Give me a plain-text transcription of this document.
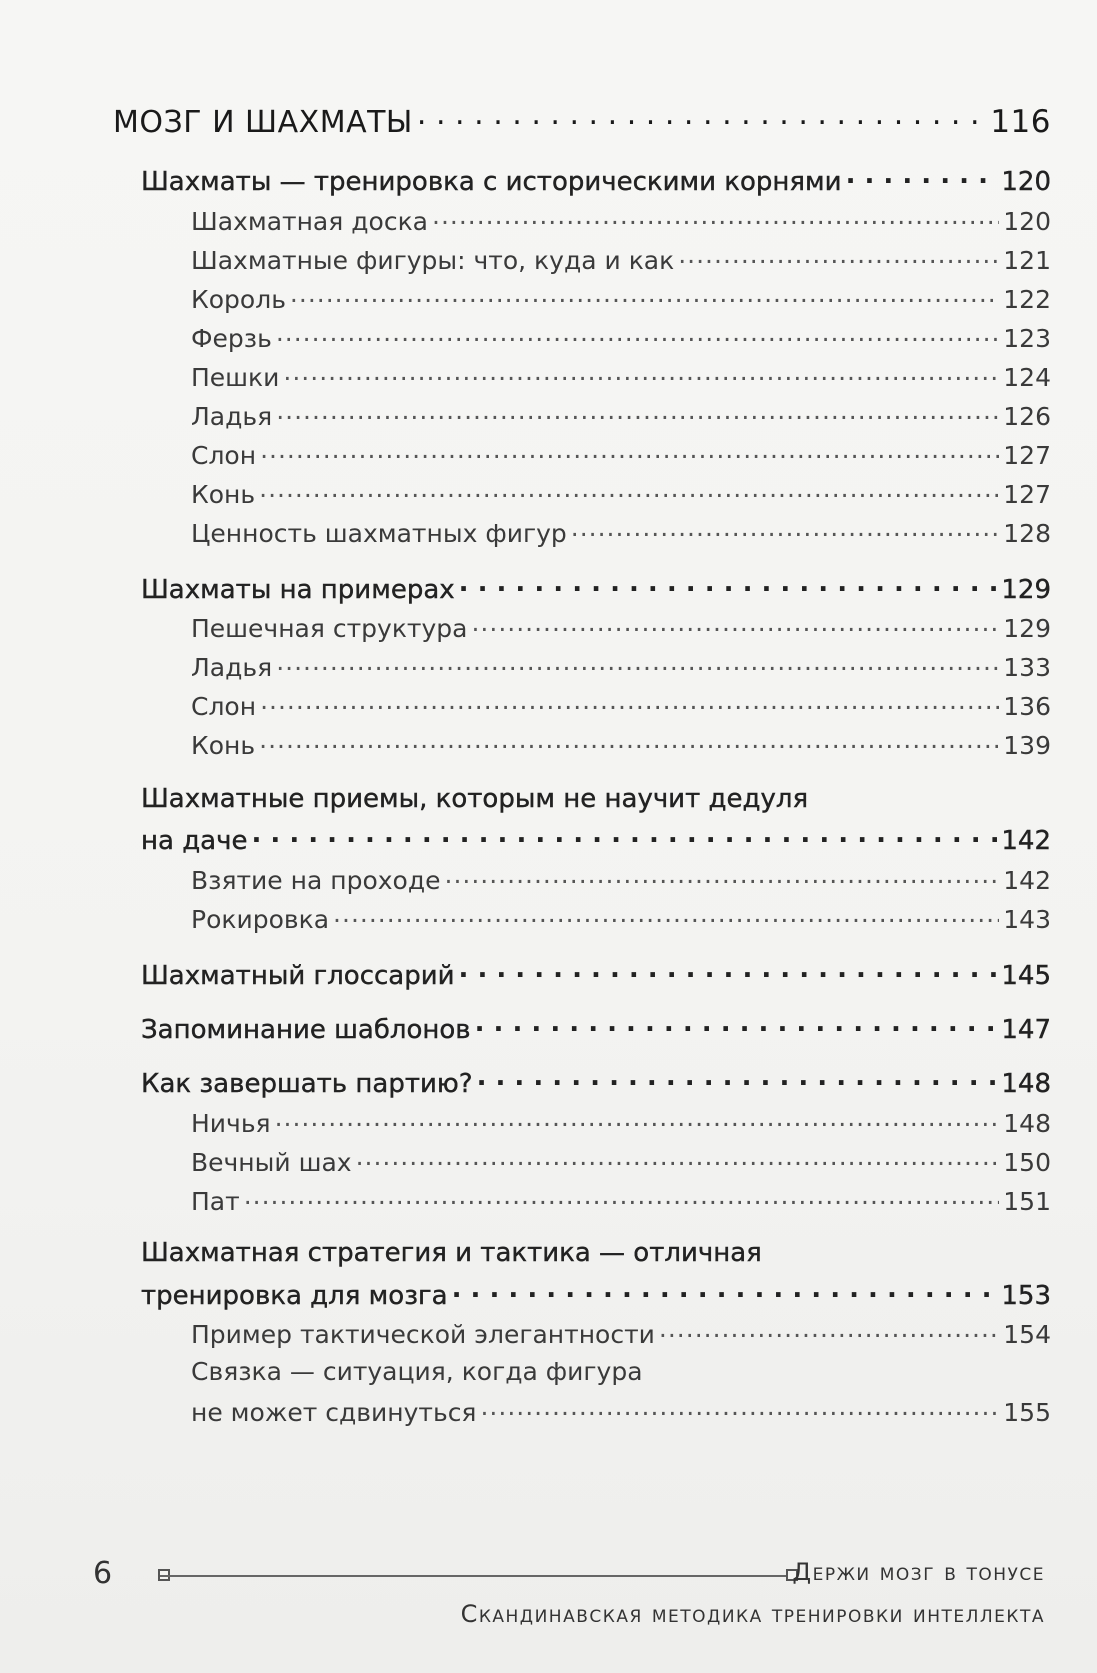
МОЗГ И ШАХМАТЫ . . .	116
Шахматы — тренировка с историческими корнями . . .	120
Шахматная доска .....	120
Шахматные фигуры: что, куда и как .....	121
Король .....	122
Ферзь .....	123
Пешки .....	124
Ладья .....	126
Слон .....	127
Конь .....	127
Ценность шахматных фигур .....	128
Шахматы на примерах . . .	129
Пешечная структура .....	129
Ладья .....	133
Слон .....	136
Конь .....	139
Шахматные приемы, которым не научит дедуля
на даче . . .	142
Взятие на проходе .....	142
Рокировка .....	143
Шахматный глоссарий . . .	145
Запоминание шаблонов . . .	147
Как завершать партию? . . .	148
Ничья .....	148
Вечный шах .....	150
Пат .....	151
Шахматная стратегия и тактика — отличная
тренировка для мозга . . .	153
Пример тактической элегантности .....	154
Связка — ситуация, когда фигура
не может сдвинуться .....	155
6	Держи мозг в тонусе
Скандинавская методика тренировки интеллекта
